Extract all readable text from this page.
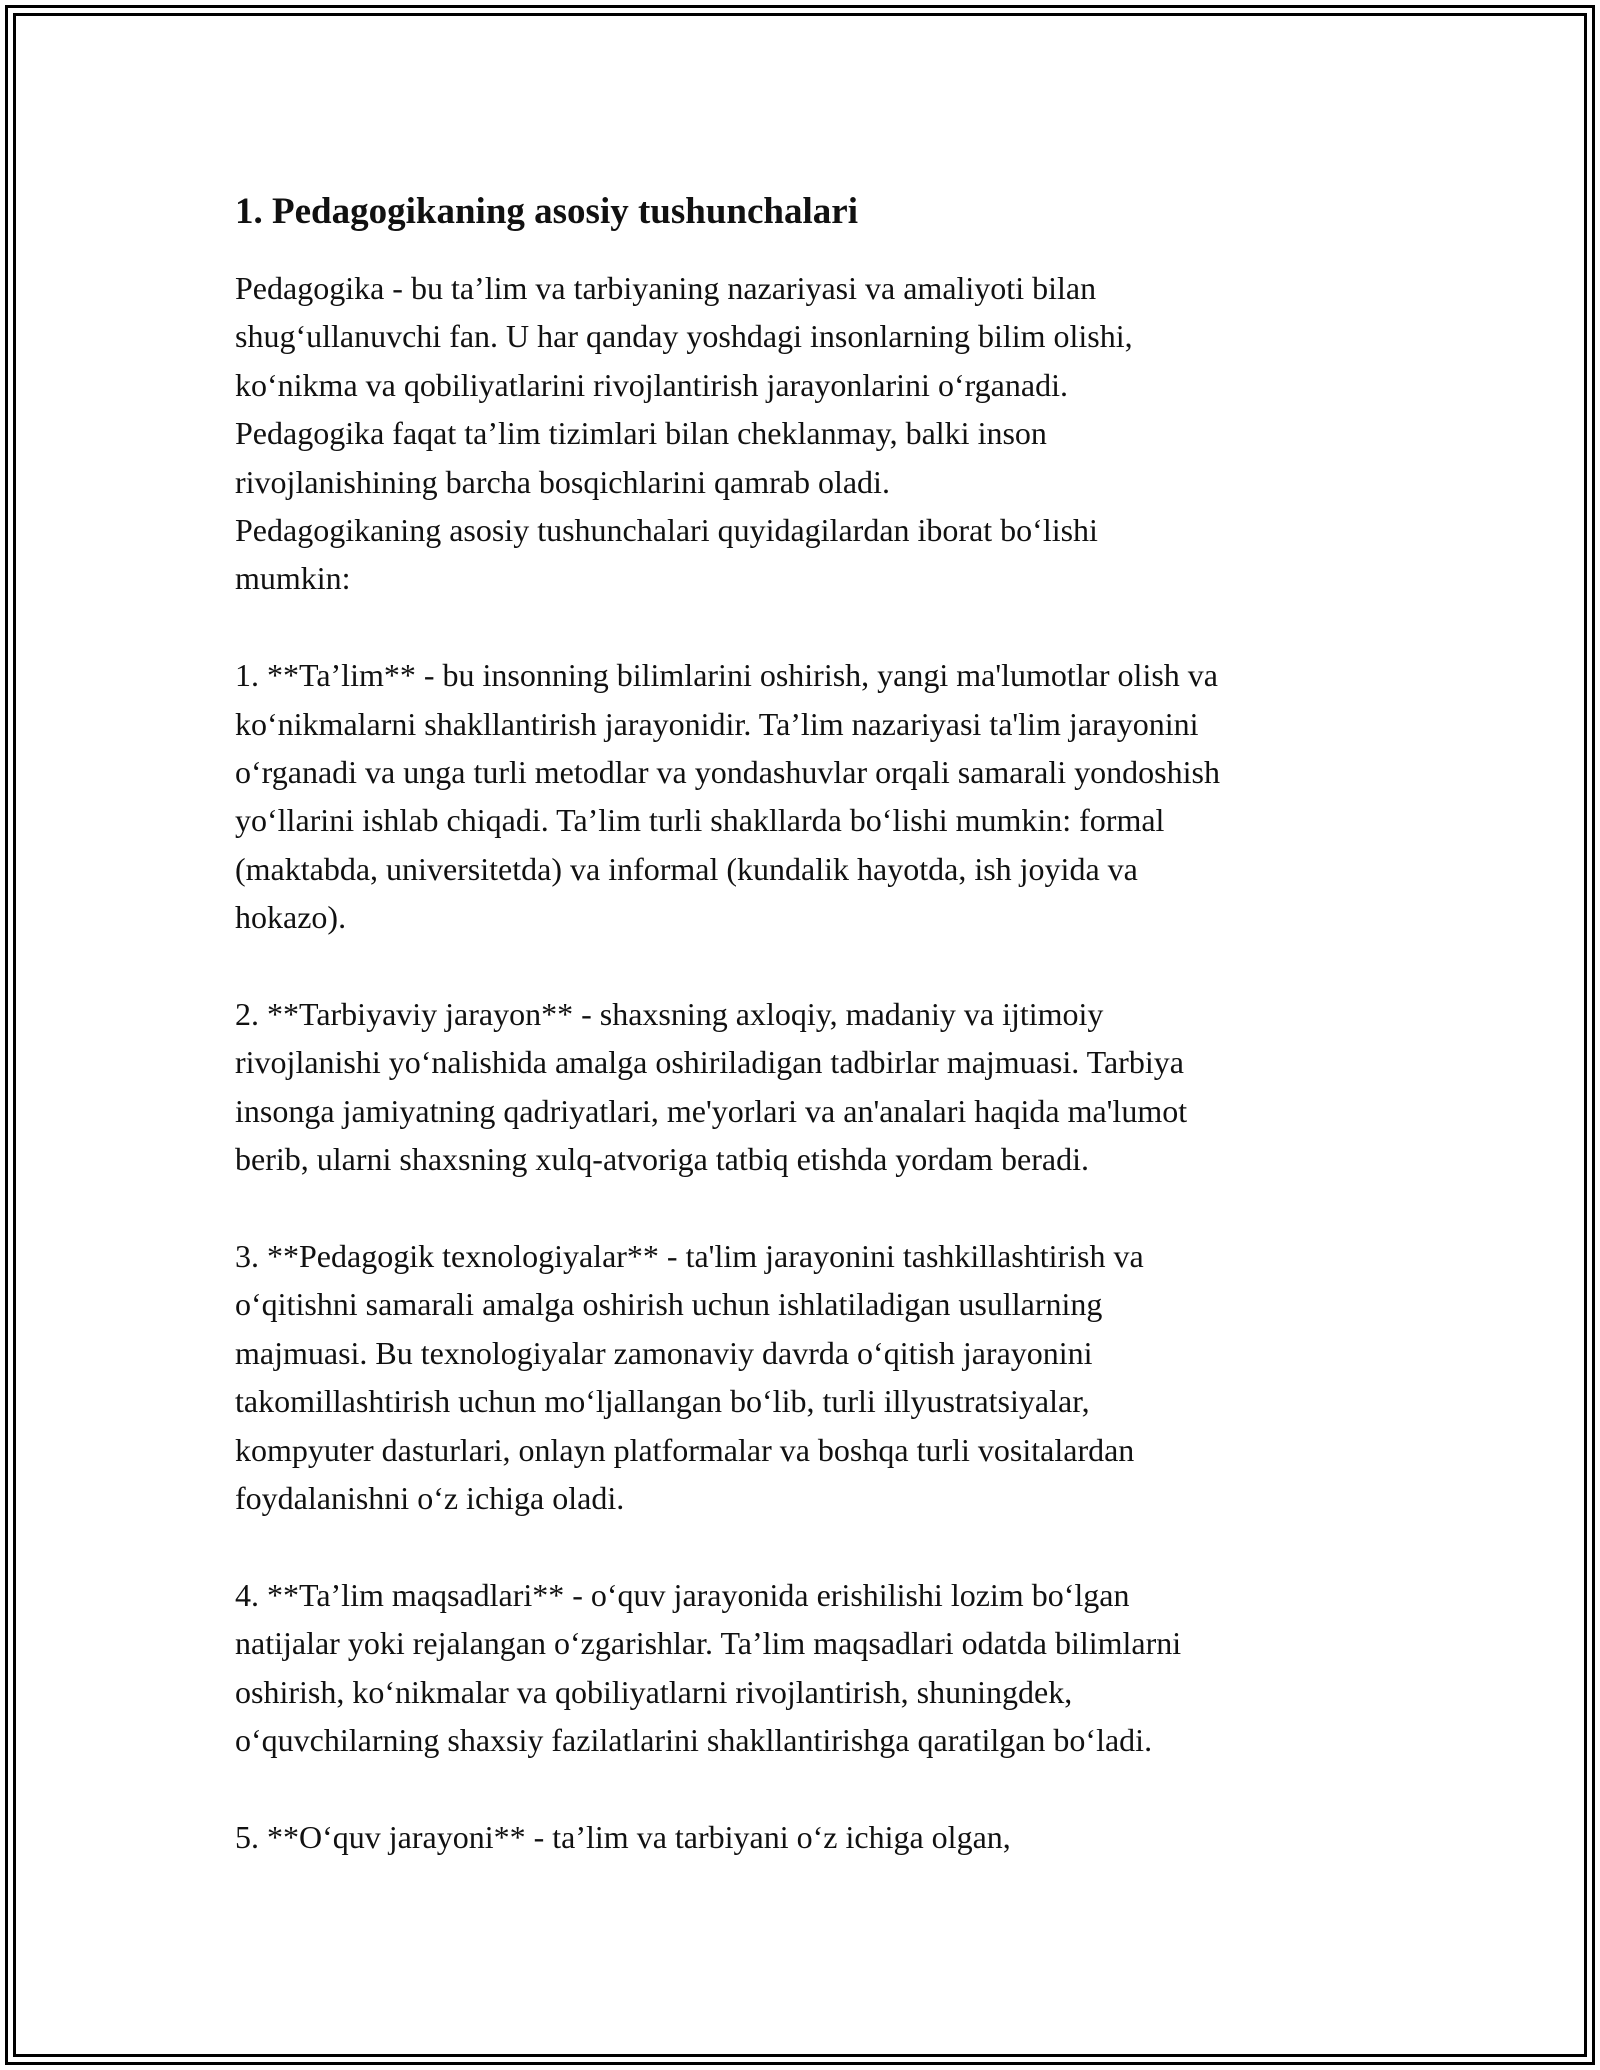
1. Pedagogikaning asosiy tushunchalari

Pedagogika - bu ta’lim va tarbiyaning nazariyasi va amaliyoti bilan
shug‘ullanuvchi fan. U har qanday yoshdagi insonlarning bilim olishi,
ko‘nikma va qobiliyatlarini rivojlantirish jarayonlarini o‘rganadi.
Pedagogika faqat ta’lim tizimlari bilan cheklanmay, balki inson
rivojlanishining barcha bosqichlarini qamrab oladi.
Pedagogikaning asosiy tushunchalari quyidagilardan iborat bo‘lishi
mumkin:

1. **Ta’lim** - bu insonning bilimlarini oshirish, yangi ma'lumotlar olish va
ko‘nikmalarni shakllantirish jarayonidir. Ta’lim nazariyasi ta'lim jarayonini
o‘rganadi va unga turli metodlar va yondashuvlar orqali samarali yondoshish
yo‘llarini ishlab chiqadi. Ta’lim turli shakllarda bo‘lishi mumkin: formal
(maktabda, universitetda) va informal (kundalik hayotda, ish joyida va
hokazo).

2. **Tarbiyaviy jarayon** - shaxsning axloqiy, madaniy va ijtimoiy
rivojlanishi yo‘nalishida amalga oshiriladigan tadbirlar majmuasi. Tarbiya
insonga jamiyatning qadriyatlari, me'yorlari va an'analari haqida ma'lumot
berib, ularni shaxsning xulq-atvoriga tatbiq etishda yordam beradi.

3. **Pedagogik texnologiyalar** - ta'lim jarayonini tashkillashtirish va
o‘qitishni samarali amalga oshirish uchun ishlatiladigan usullarning
majmuasi. Bu texnologiyalar zamonaviy davrda o‘qitish jarayonini
takomillashtirish uchun mo‘ljallangan bo‘lib, turli illyustratsiyalar,
kompyuter dasturlari, onlayn platformalar va boshqa turli vositalardan
foydalanishni o‘z ichiga oladi.

4. **Ta’lim maqsadlari** - o‘quv jarayonida erishilishi lozim bo‘lgan
natijalar yoki rejalangan o‘zgarishlar. Ta’lim maqsadlari odatda bilimlarni
oshirish, ko‘nikmalar va qobiliyatlarni rivojlantirish, shuningdek,
o‘quvchilarning shaxsiy fazilatlarini shakllantirishga qaratilgan bo‘ladi.

5. **O‘quv jarayoni** - ta’lim va tarbiyani o‘z ichiga olgan,
